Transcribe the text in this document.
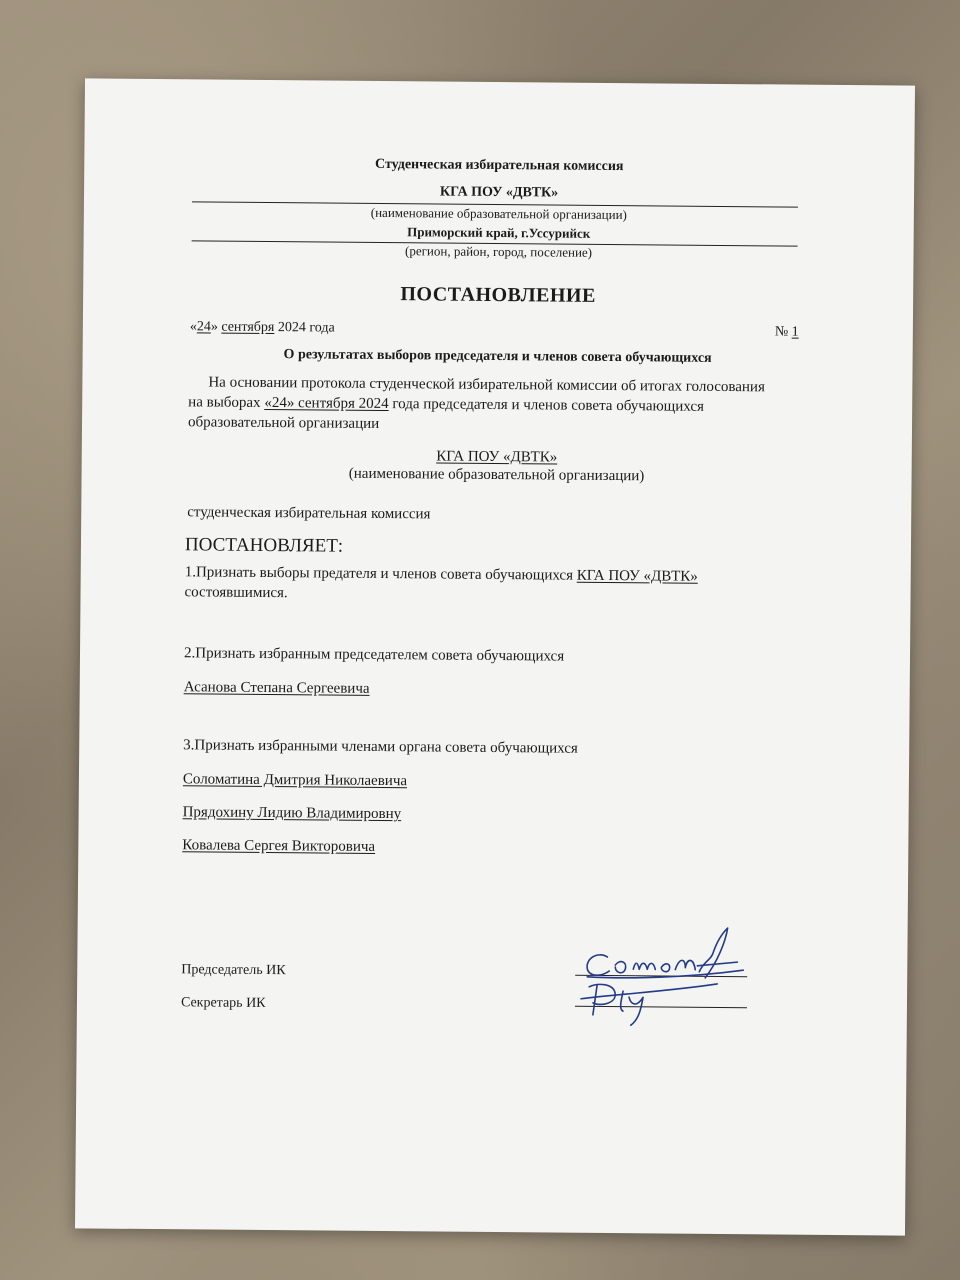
Студенческая избирательная комиссия
КГА ПОУ «ДВТК»
(наименование образовательной организации)
Приморский край, г.Уссурийск
(регион, район, город, поселение)
ПОСТАНОВЛЕНИЕ
«24» сентября 2024 года	№ 1
О результатах выборов председателя и членов совета обучающихся
На основании протокола студенческой избирательной комиссии об итогах голосования
на выборах «24» сентября 2024 года председателя и членов совета обучающихся
образовательной организации
КГА ПОУ «ДВТК»
(наименование образовательной организации)
студенческая избирательная комиссия
ПОСТАНОВЛЯЕТ:
1.Признать выборы предателя и членов совета обучающихся КГА ПОУ «ДВТК»
состоявшимися.
2.Признать избранным председателем совета обучающихся
Асанова Степана Сергеевича
3.Признать избранными членами органа совета обучающихся
Соломатина Дмитрия Николаевича
Прядохину Лидию Владимировну
Ковалева Сергея Викторовича
Председатель ИК
Секретарь ИК
